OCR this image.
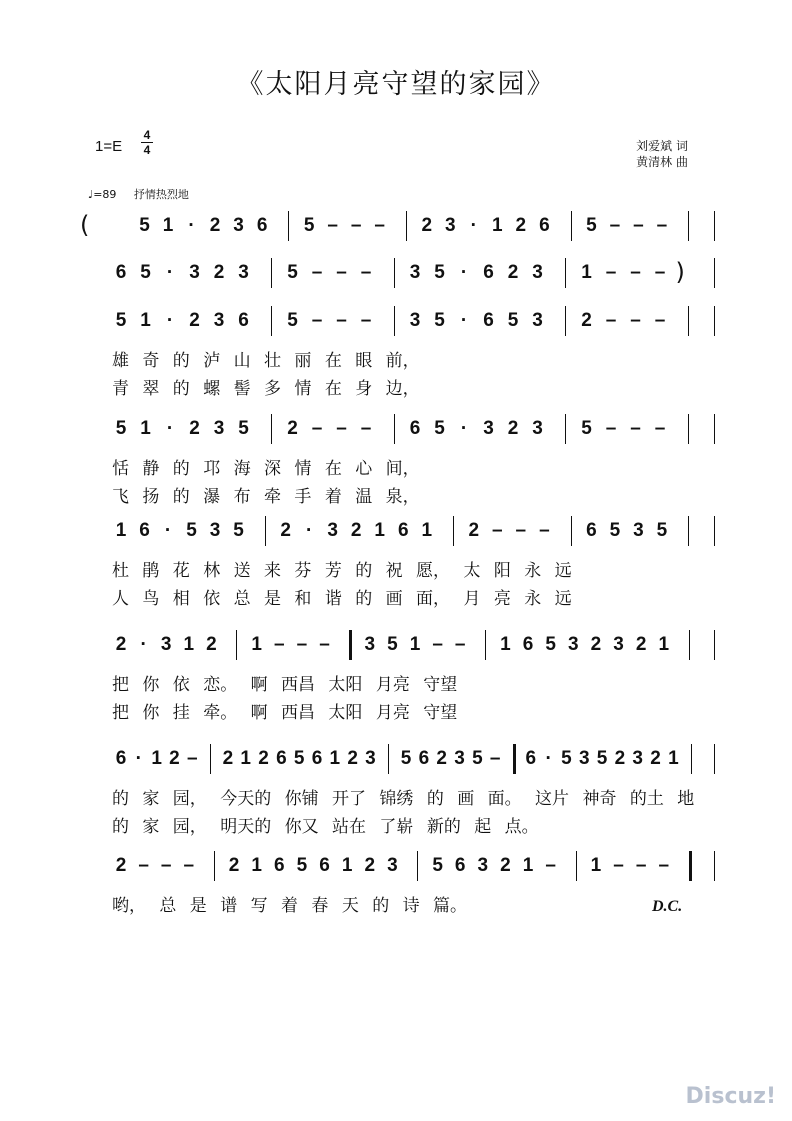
《太阳月亮守望的家园》
1=E
4
4	刘爱斌 词
黄清林 曲
♩=89 抒情热烈地
(	5 1 · 2 3 6 5 – – – 2 3 · 1 2 6 5 – – –
6 5 · 3 2 3 5 – – – 3 5 · 6 2 3 1 – – – )
5 1 · 2 3 6 5 – – – 3 5 · 6 5 3 2 – – –
雄 奇 的 泸 山 壮 丽 在 眼 前，
青 翠 的 螺 髻 多 情 在 身 边，
5 1 · 2 3 5 2 – – – 6 5 · 3 2 3 5 – – –
恬 静 的 邛 海 深 情 在 心 间，
飞 扬 的 瀑 布 牵 手 着 温 泉，
1 6 · 5 3 5 2 · 3 2 1 6 1 2 – – – 6 5 3 5
杜 鹃 花 林 送 来 芬 芳 的 祝 愿， 太 阳 永 远
人 鸟 相 依 总 是 和 谐 的 画 面， 月 亮 永 远
2 · 3 1 2 1 – – – 3 5 1 – – 1 6 5 3 2 3 2 1
把 你 依 恋。 啊 西昌 太阳 月亮 守望
把 你 挂 牵。 啊 西昌 太阳 月亮 守望
6 · 1 2 – 2 1 2 6 5 6 1 2 3 5 6 2 3 5 – 6 · 5 3 5 2 3 2 1
的 家 园， 今天的 你铺 开了 锦绣 的 画 面。 这片 神奇 的土 地
的 家 园， 明天的 你又 站在 了崭 新的 起 点。
2 – – – 2 1 6 5 6 1 2 3 5 6 3 2 1 – 1 – – –
哟， 总 是 谱 写 着 春 天 的 诗 篇。	D.C.
Discuz!
